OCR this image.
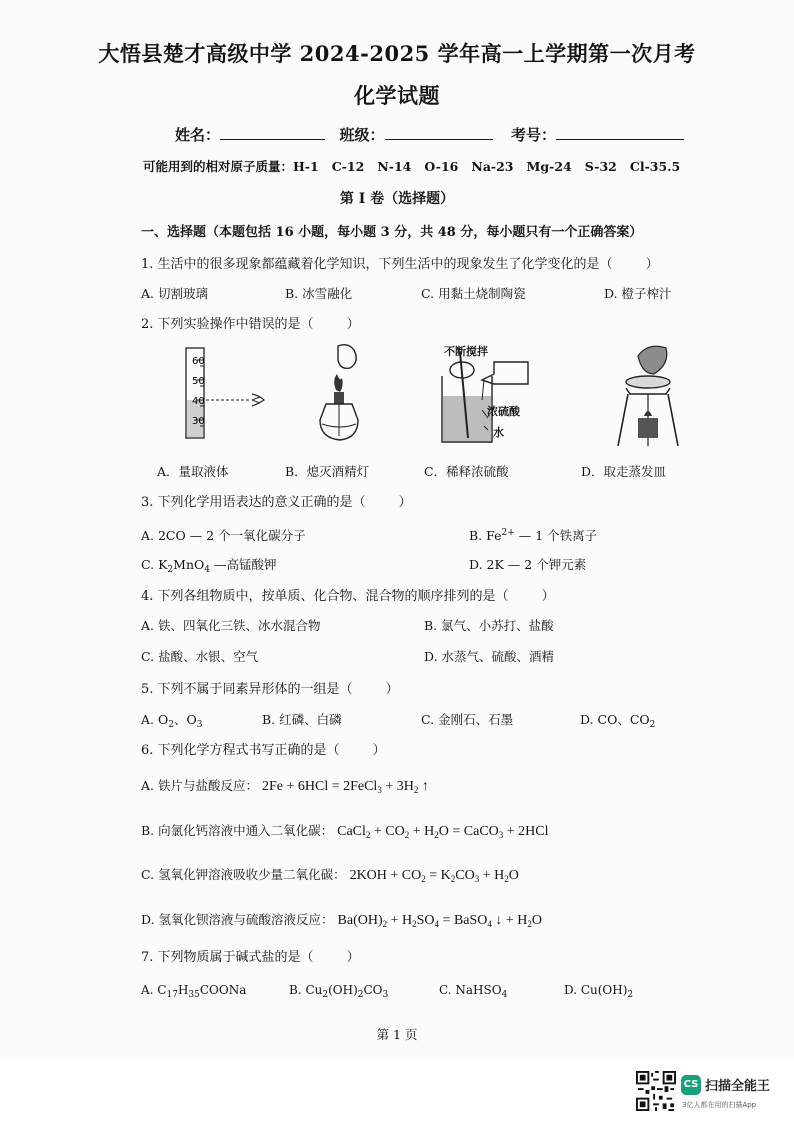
大悟县楚才高级中学 2024-2025 学年高一上学期第一次月考
化学试题
姓名：	班级：	考号：
可能用到的相对原子质量：H-1   C-12   N-14   O-16   Na-23   Mg-24   S-32   Cl-35.5
第 I 卷（选择题）
一、选择题（本题包括 16 小题，每小题 3 分，共 48 分，每小题只有一个正确答案）
1. 生活中的很多现象都蕴藏着化学知识，下列生活中的现象发生了化学变化的是（        ）
A. 切割玻璃	B. 冰雪融化	C. 用黏土烧制陶瓷	D. 橙子榨汁
2. 下列实验操作中错误的是（        ）
60
50
40
30
不断搅拌
浓硫酸
水
A．量取液体	B．熄灭酒精灯	C．稀释浓硫酸	D．取走蒸发皿
3. 下列化学用语表达的意义正确的是（        ）
A. 2CO — 2 个一氧化碳分子	B. $Fe^{2+}$ — 1 个铁离子
C. $K_2MnO_4$ —高锰酸钾	D. 2K — 2 个钾元素
4. 下列各组物质中，按单质、化合物、混合物的顺序排列的是（        ）
A. 铁、四氧化三铁、冰水混合物	B. 氯气、小苏打、盐酸
C. 盐酸、水银、空气	D. 水蒸气、硫酸、酒精
5. 下列不属于同素异形体的一组是（        ）
A. $O_2$、$O_3$	B. 红磷、白磷	C. 金刚石、石墨	D. CO、$CO_2$
6. 下列化学方程式书写正确的是（        ）
A. 铁片与盐酸反应： 2Fe + 6HCl = 2FeCl$_3$ + $3H_2$ ↑
B. 向氯化钙溶液中通入二氧化碳： CaCl$_2$ + $CO_2 + H_2O$ = CaCO$_3$ + 2HCl
C. 氢氧化钾溶液吸收少量二氧化碳： $2KOH + CO_2 = K_2CO_3 + H_2O$
D. 氢氧化钡溶液与硫酸溶液反应： $Ba(OH)_2 + H_2SO_4$ = BaSO$_4$ ↓ + $H_2O$
7. 下列物质属于碱式盐的是（        ）
A. $C_{17}H_{35}COONa$	B. $Cu_2(OH)_2CO_3$	C. NaHSO$_4$	D. $Cu(OH)_2$
第 1 页
CS 扫描全能王
3亿人都在用的扫描App
